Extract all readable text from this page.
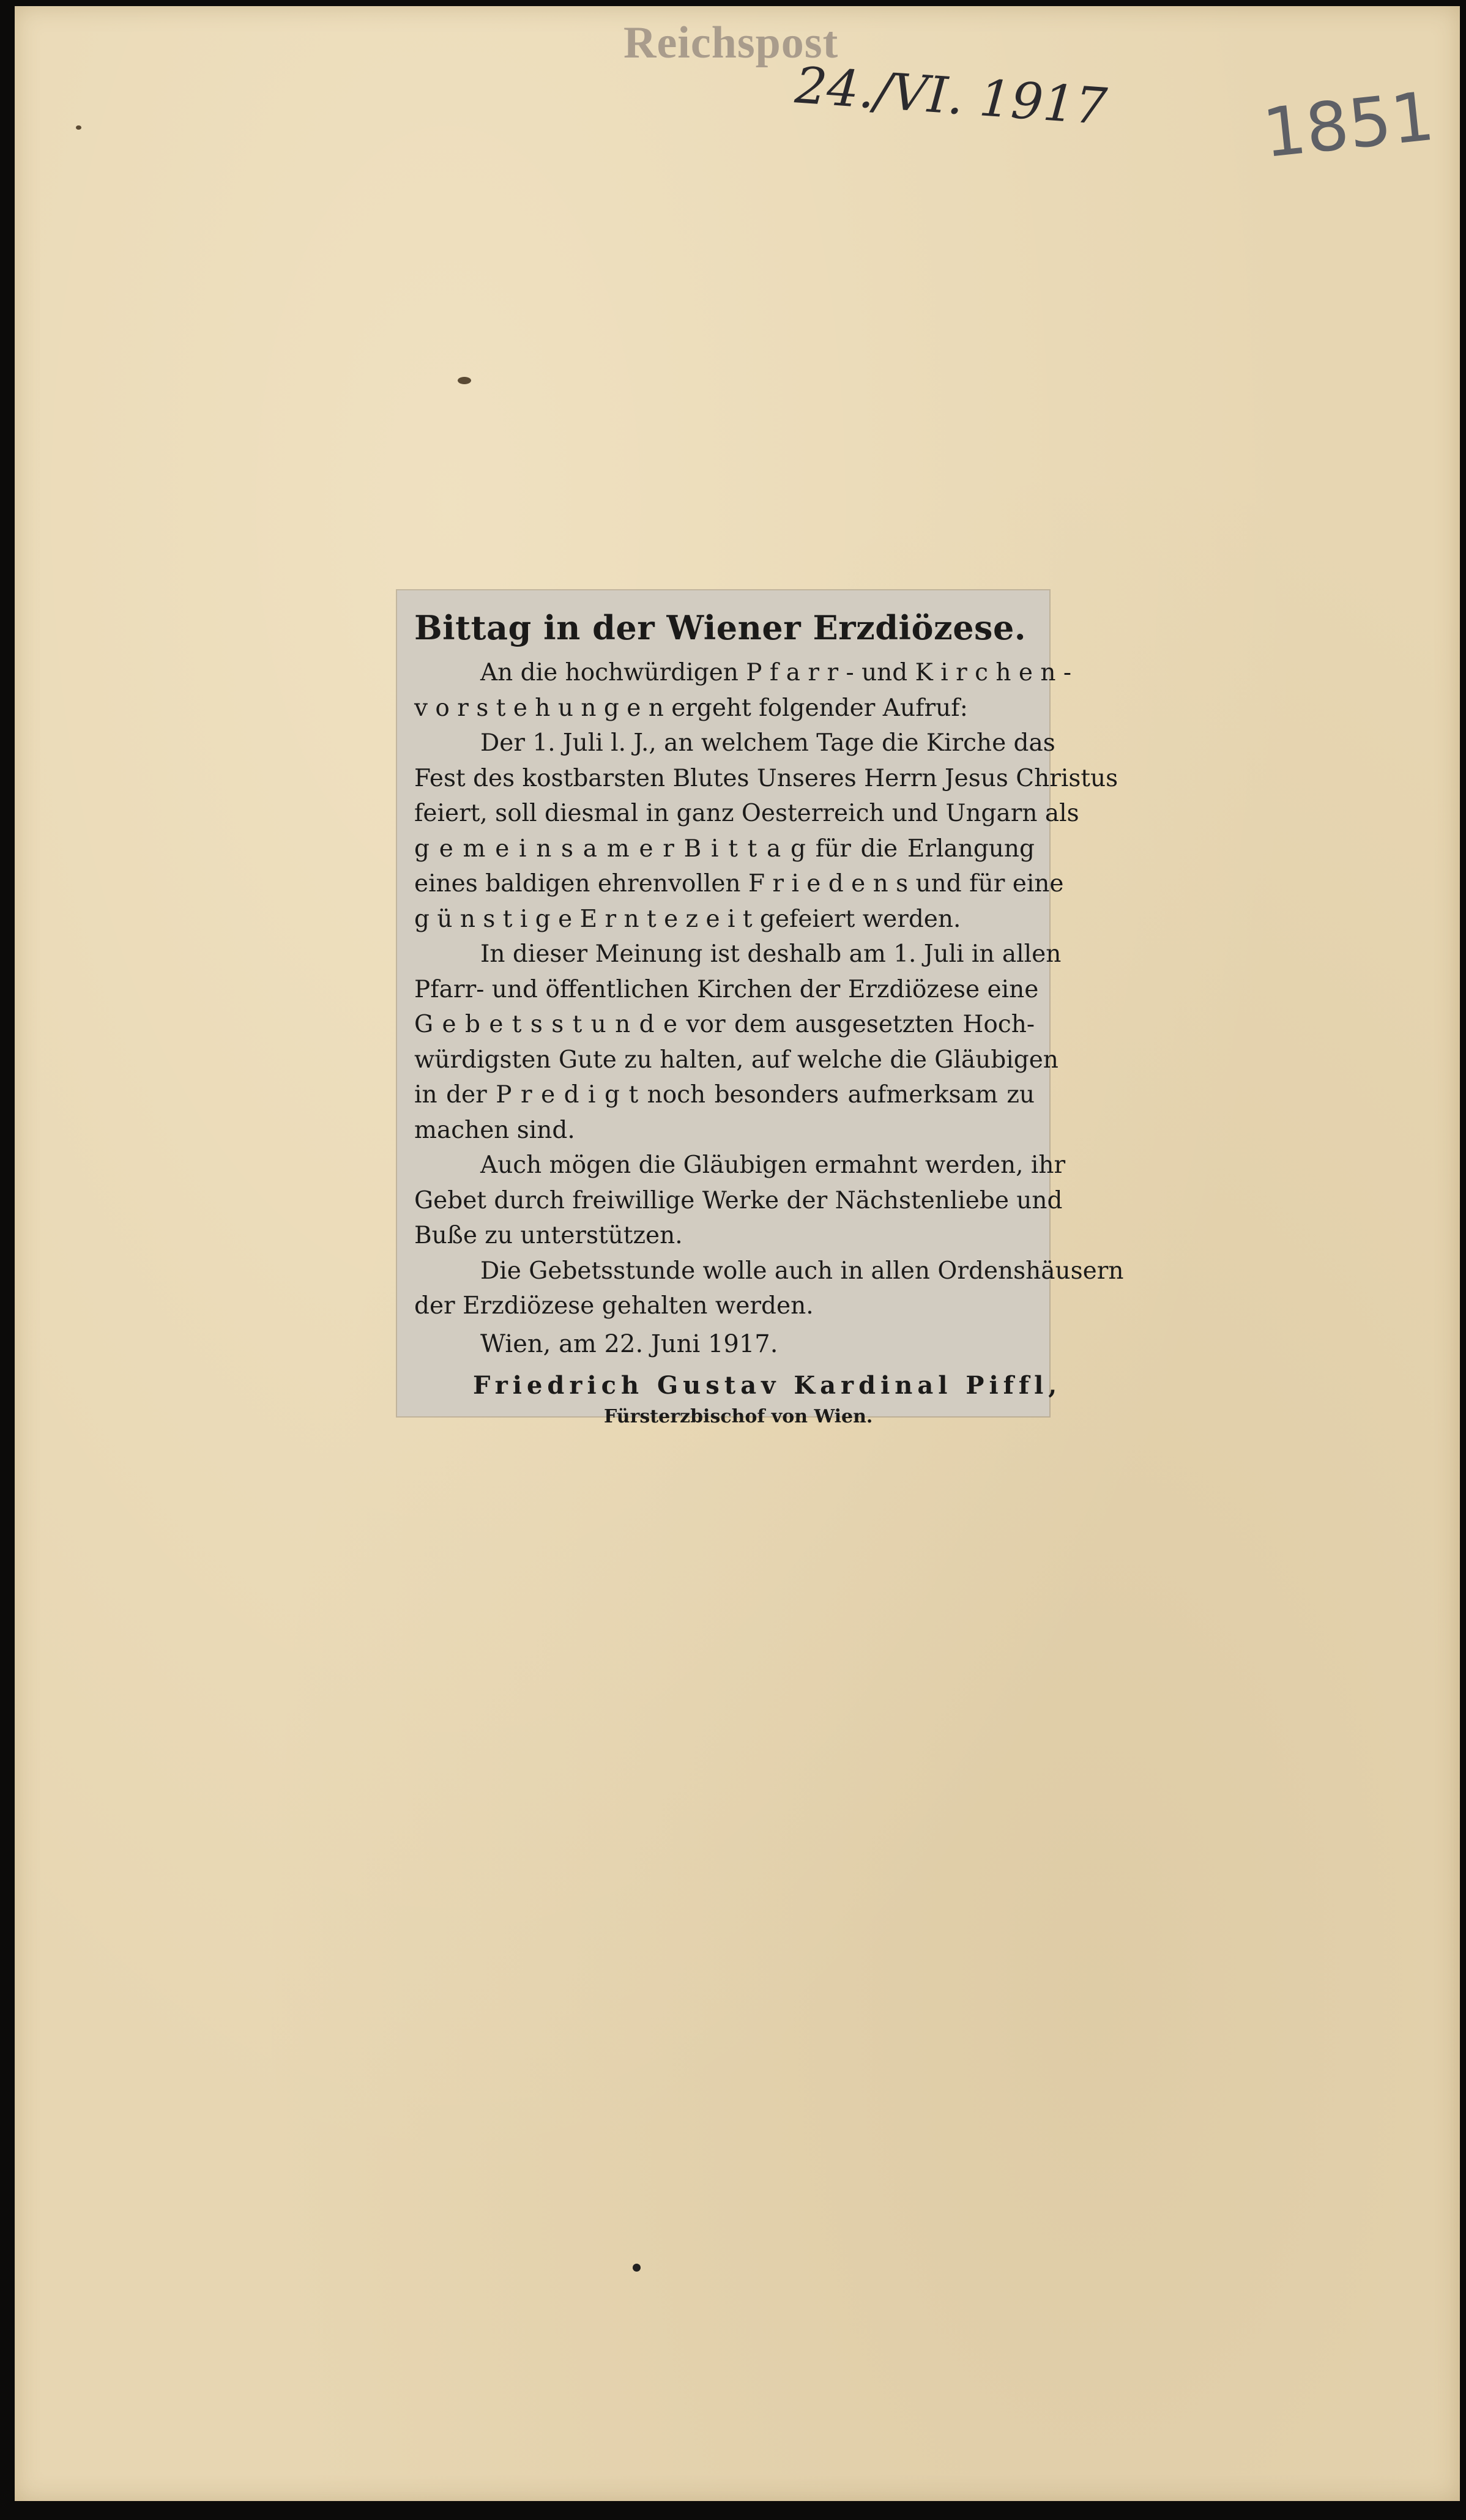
Reichspost
24./VI. 1917 1851
Bittag in der Wiener Erzdiözese.
An die hochwürdigen P f a r r - und K i r c h e n -
v o r s t e h u n g e n ergeht folgender Aufruf:
Der 1. Juli l. J., an welchem Tage die Kirche das
Fest des kostbarsten Blutes Unseres Herrn Jesus Christus
feiert, soll diesmal in ganz Oesterreich und Ungarn als
g e m e i n s a m e r B i t t a g für die Erlangung
eines baldigen ehrenvollen F r i e d e n s und für eine
g ü n s t i g e E r n t e z e i t gefeiert werden.
In dieser Meinung ist deshalb am 1. Juli in allen
Pfarr- und öffentlichen Kirchen der Erzdiözese eine
G e b e t s s t u n d e vor dem ausgesetzten Hoch-
würdigsten Gute zu halten, auf welche die Gläubigen
in der P r e d i g t noch besonders aufmerksam zu
machen sind.
Auch mögen die Gläubigen ermahnt werden, ihr
Gebet durch freiwillige Werke der Nächstenliebe und
Buße zu unterstützen.
Die Gebetsstunde wolle auch in allen Ordenshäusern
der Erzdiözese gehalten werden.
Wien, am 22. Juni 1917.
Friedrich Gustav Kardinal Piffl,
Fürsterzbischof von Wien.
